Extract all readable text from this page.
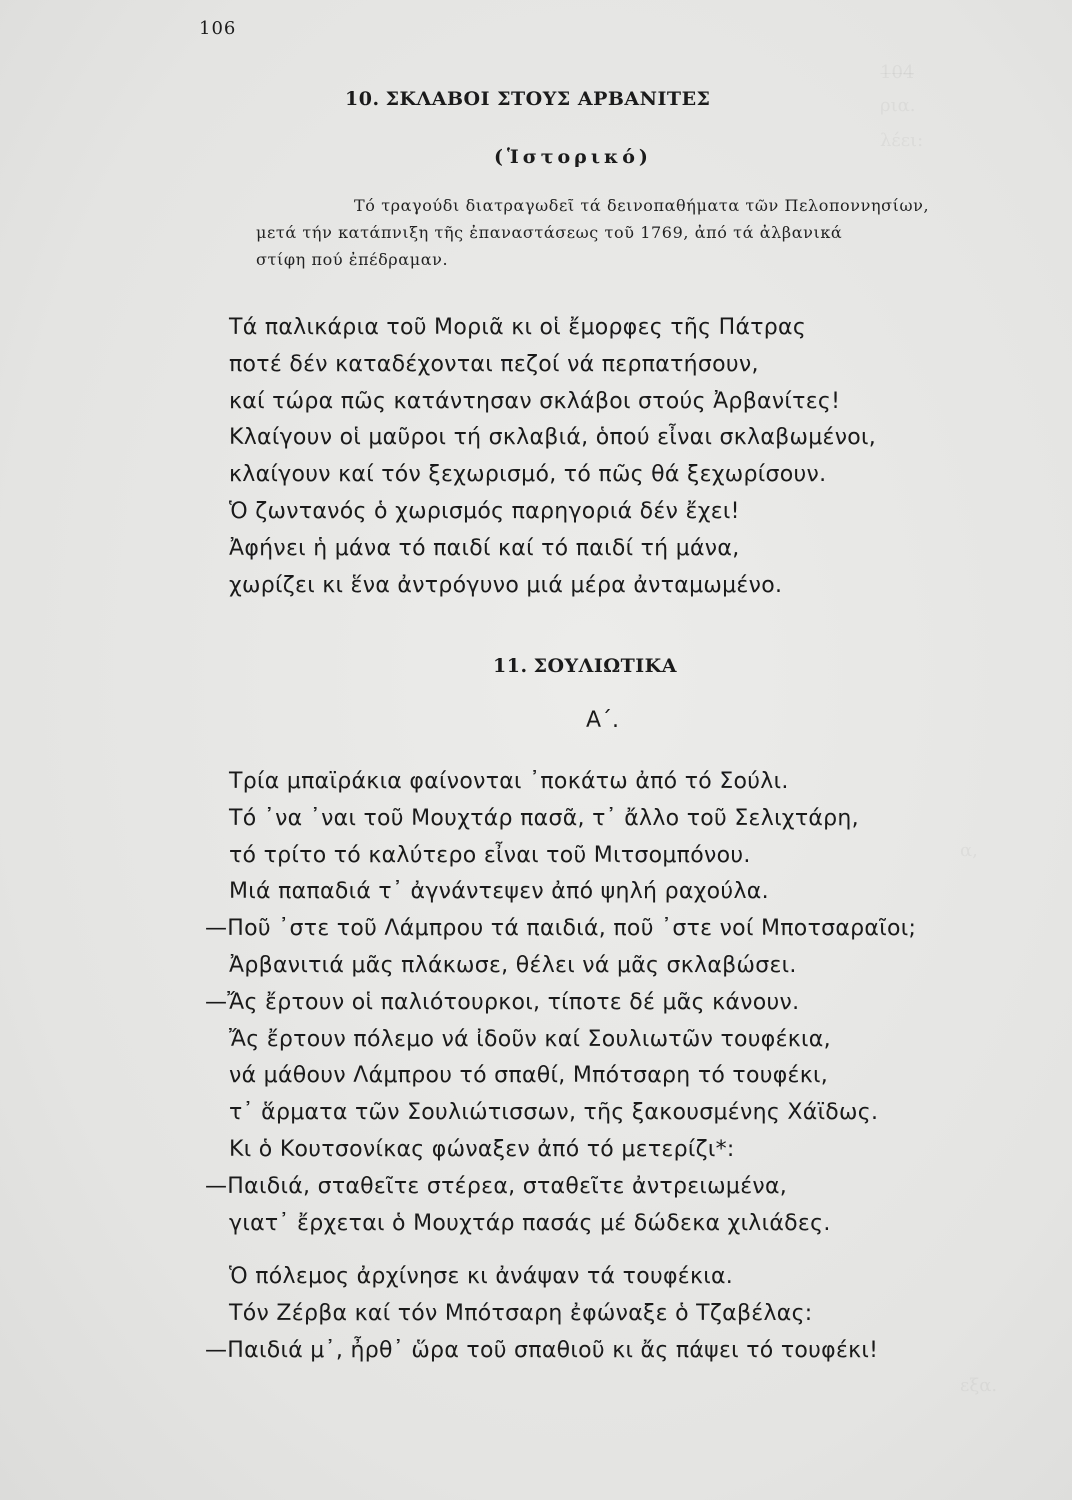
1̶0̶4̶
ρια.
λέει:
α,
εξα.
106
10. ΣΚΛΑΒΟΙ ΣΤΟΥΣ ΑΡΒΑΝΙΤΕΣ
(Ἱστορικό)
Τό τραγούδι διατραγωδεῖ τά δεινοπαθήματα τῶν Πελοποννησίων,
μετά τήν κατάπνιξη τῆς ἐπαναστάσεως τοῦ 1769, ἀπό τά ἀλβανικά
στίφη πού ἐπέδραμαν.
Τά παλικάρια τοῦ Μοριᾶ κι οἱ ἔμορφες τῆς Πάτρας
ποτέ δέν καταδέχονται πεζοί νά περπατήσουν,
καί τώρα πῶς κατάντησαν σκλάβοι στούς Ἀρβανίτες!
Κλαίγουν οἱ μαῦροι τή σκλαβιά, ὁπού εἶναι σκλαβωμένοι,
κλαίγουν καί τόν ξεχωρισμό, τό πῶς θά ξεχωρίσουν.
Ὁ ζωντανός ὁ χωρισμός παρηγοριά δέν ἔχει!
Ἀφήνει ἡ μάνα τό παιδί καί τό παιδί τή μάνα,
χωρίζει κι ἕνα ἀντρόγυνο μιά μέρα ἀνταμωμένο.
11. ΣΟΥΛΙΩΤΙΚΑ
Α΄.
Τρία μπαϊράκια φαίνονται ᾽ποκάτω ἀπό τό Σούλι.
Τό ᾽να ᾽ναι τοῦ Μουχτάρ πασᾶ, τ᾽ ἄλλο τοῦ Σελιχτάρη,
τό τρίτο τό καλύτερο εἶναι τοῦ Μιτσομπόνου.
Μιά παπαδιά τ᾽ ἀγνάντεψεν ἀπό ψηλή ραχούλα.
—Ποῦ ᾽στε τοῦ Λάμπρου τά παιδιά, ποῦ ᾽στε νοί Μποτσαραῖοι;
Ἀρβανιτιά μᾶς πλάκωσε, θέλει νά μᾶς σκλαβώσει.
—Ἄς ἔρτουν οἱ παλιότουρκοι, τίποτε δέ μᾶς κάνουν.
Ἄς ἔρτουν πόλεμο νά ἰδοῦν καί Σουλιωτῶν τουφέκια,
νά μάθουν Λάμπρου τό σπαθί, Μπότσαρη τό τουφέκι,
τ᾽ ἅρματα τῶν Σουλιώτισσων, τῆς ξακουσμένης Χάϊδως.
Κι ὁ Κουτσονίκας φώναξεν ἀπό τό μετερίζι*:
—Παιδιά, σταθεῖτε στέρεα, σταθεῖτε ἀντρειωμένα,
γιατ᾽ ἔρχεται ὁ Μουχτάρ πασάς μέ δώδεκα χιλιάδες.
Ὁ πόλεμος ἀρχίνησε κι ἀνάψαν τά τουφέκια.
Τόν Ζέρβα καί τόν Μπότσαρη ἐφώναξε ὁ Τζαβέλας:
—Παιδιά μ᾽, ἦρθ᾽ ὥρα τοῦ σπαθιοῦ κι ἄς πάψει τό τουφέκι!
